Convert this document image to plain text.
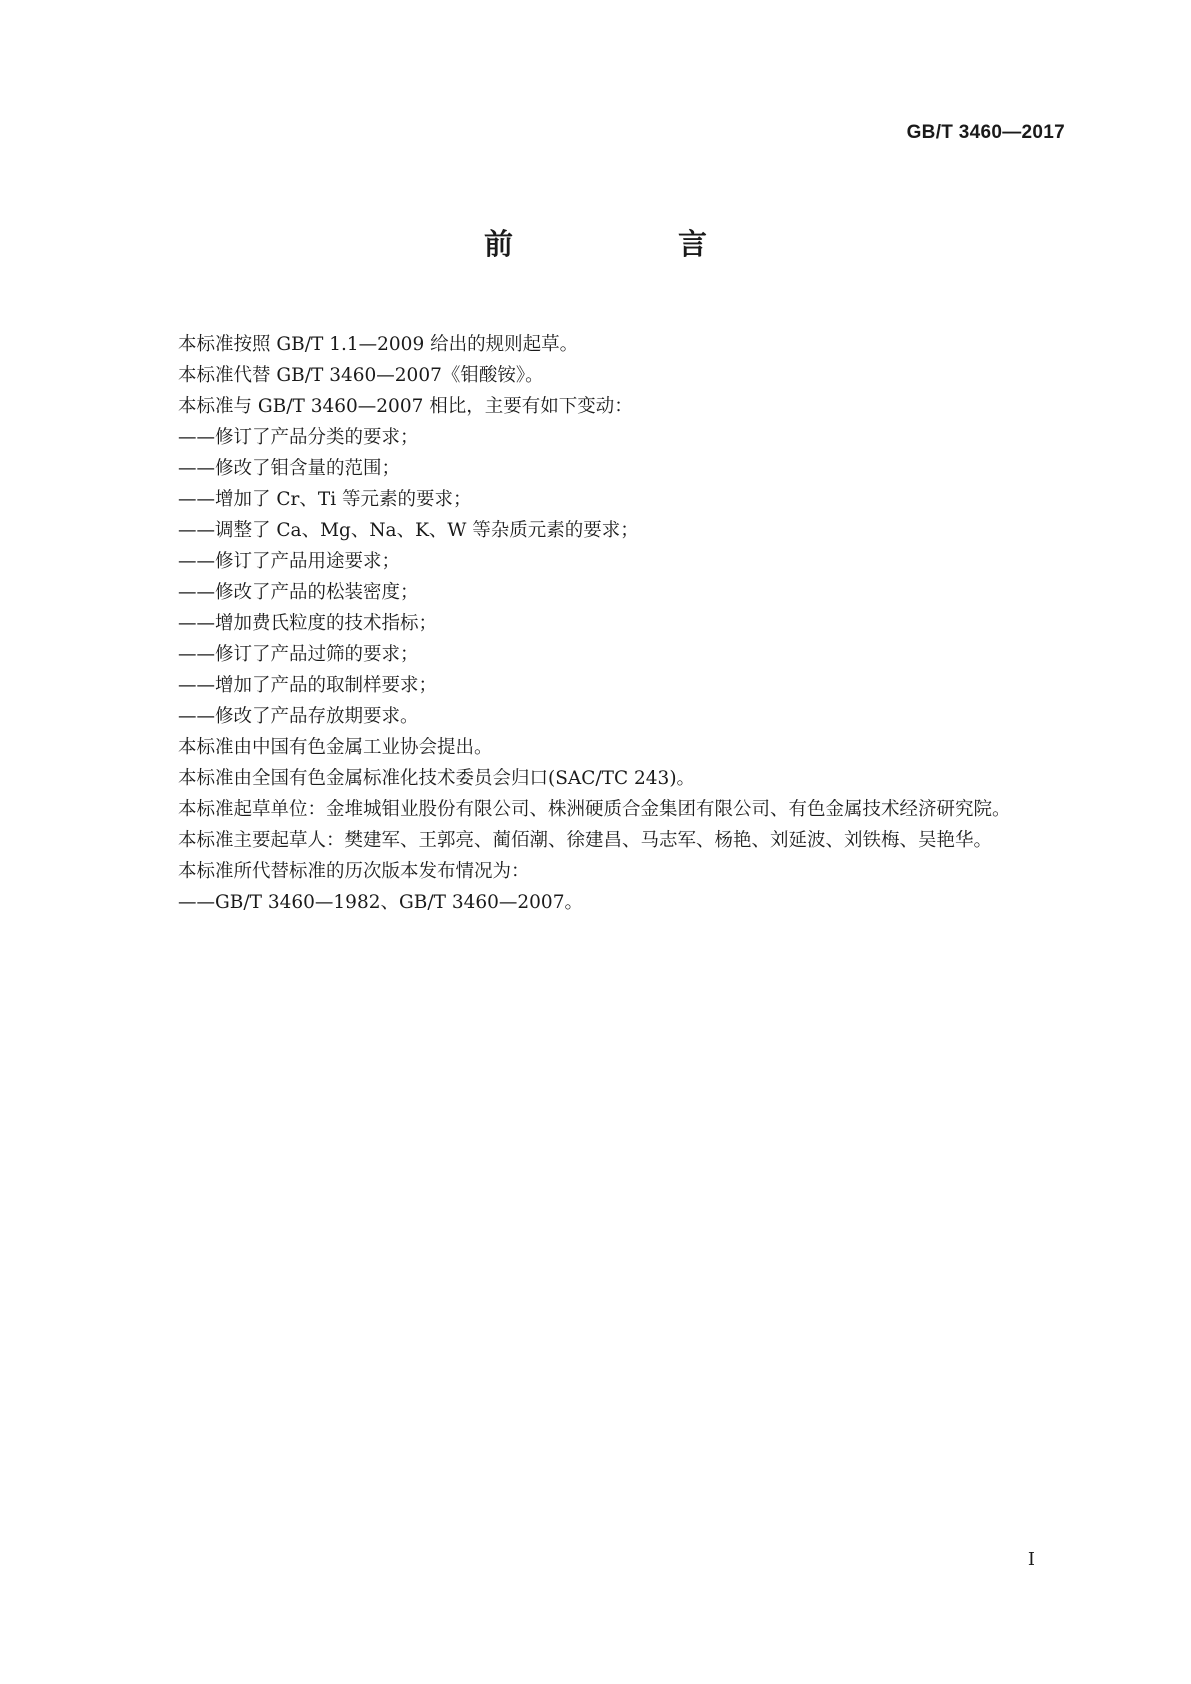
GB/T 3460—2017
前　言

本标准按照 GB/T 1.1—2009 给出的规则起草。

本标准代替 GB/T 3460—2007《钼酸铵》。

本标准与 GB/T 3460—2007 相比，主要有如下变动：

——修订了产品分类的要求；

——修改了钼含量的范围；

——增加了 Cr、Ti 等元素的要求；

——调整了 Ca、Mg、Na、K、W 等杂质元素的要求；

——修订了产品用途要求；

——修改了产品的松装密度；

——增加费氏粒度的技术指标；

——修订了产品过筛的要求；

——增加了产品的取制样要求；

——修改了产品存放期要求。

本标准由中国有色金属工业协会提出。

本标准由全国有色金属标准化技术委员会归口(SAC/TC 243)。

本标准起草单位：金堆城钼业股份有限公司、株洲硬质合金集团有限公司、有色金属技术经济研究院。

本标准主要起草人：樊建军、王郭亮、蔺佰潮、徐建昌、马志军、杨艳、刘延波、刘铁梅、吴艳华。

本标准所代替标准的历次版本发布情况为：

——GB/T 3460—1982、GB/T 3460—2007。

I
